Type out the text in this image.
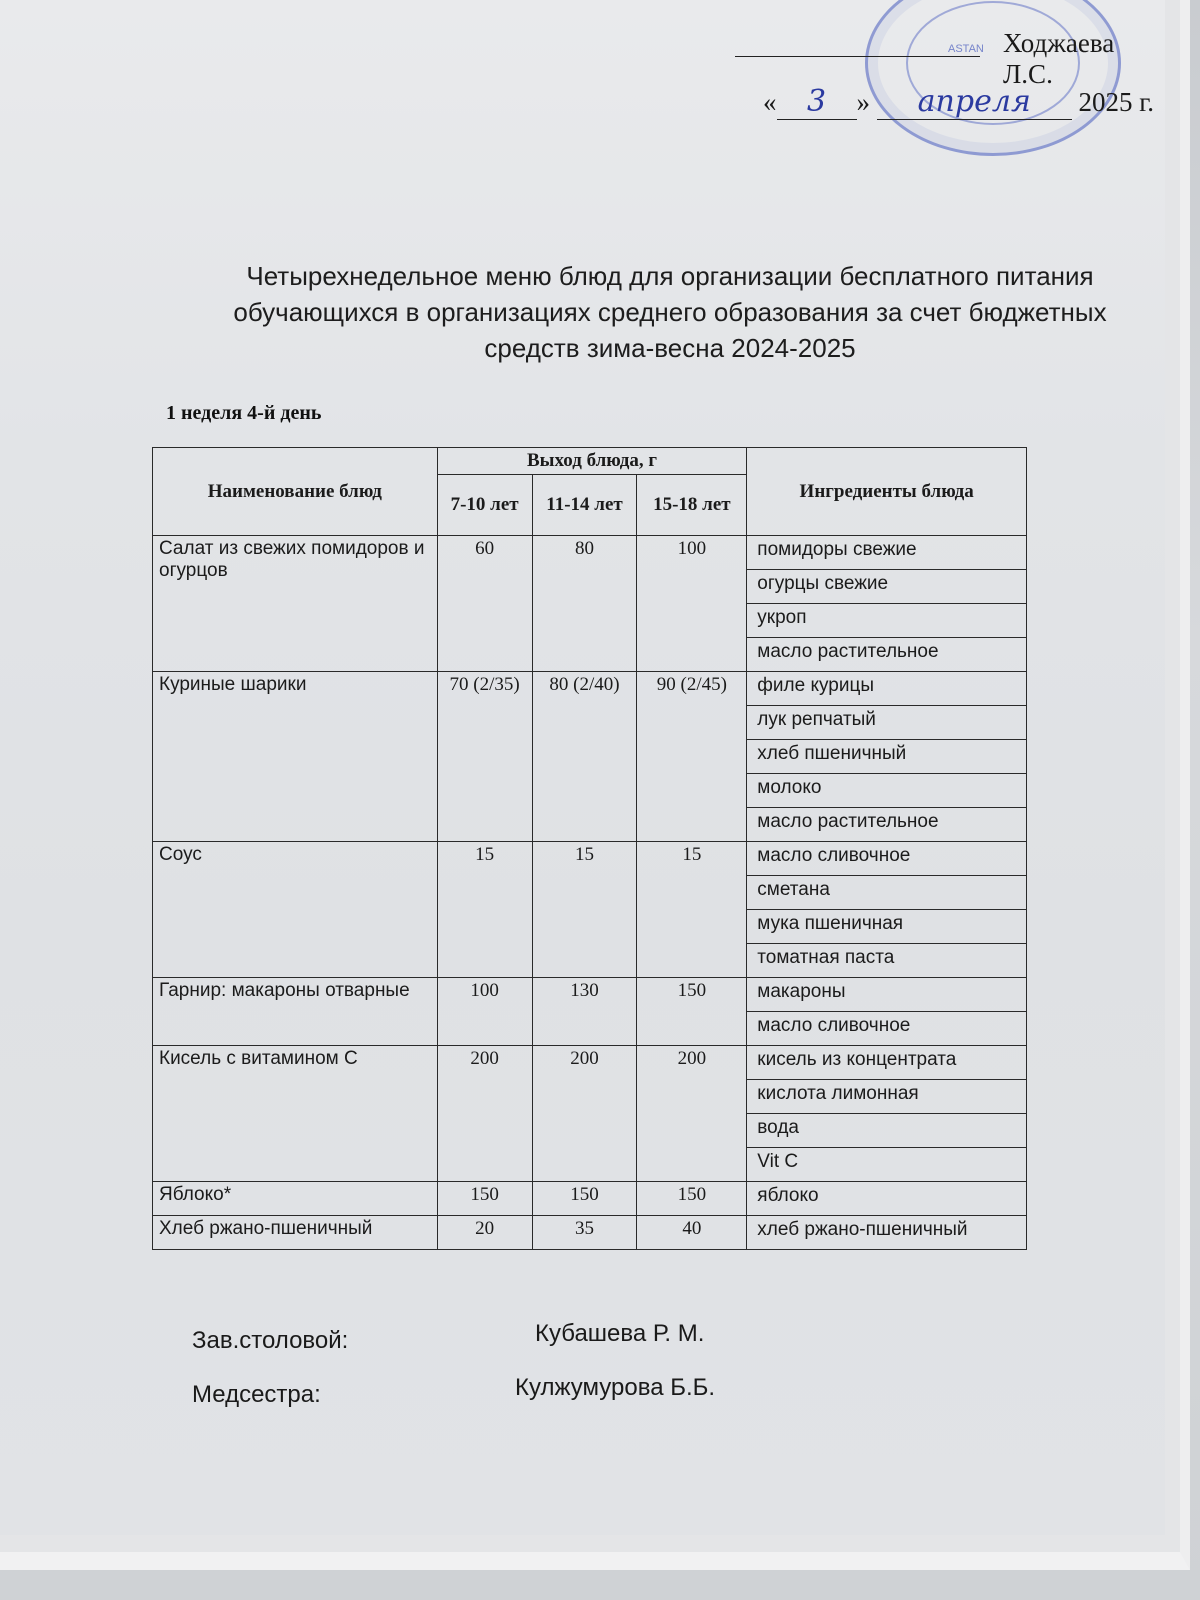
ASTAN Ходжаева Л.С.
« 3 » апреля 2025 г.
Четырехнедельное меню блюд для организации бесплатного питания
обучающихся в организациях среднего образования за счет бюджетных
средств зима-весна 2024-2025
1 неделя 4-й день
Наименование блюд	Выход блюда, г			Ингредиенты блюда
	7-10 лет	11-14 лет	15-18 лет	
Салат из свежих помидоров и огурцов	60	80	100	помидоры свежие
				огурцы свежие
				укроп
				масло растительное
Куриные шарики	70 (2/35)	80 (2/40)	90 (2/45)	филе курицы
				лук репчатый
				хлеб пшеничный
				молоко
				масло растительное
Соус	15	15	15	масло сливочное
				сметана
				мука пшеничная
				томатная паста
Гарнир: макароны отварные	100	130	150	макароны
				масло сливочное
Кисель с витамином С	200	200	200	кисель из концентрата
				кислота лимонная
				вода
				Vit C
Яблоко*	150	150	150	яблоко
Хлеб ржано-пшеничный	20	35	40	хлеб ржано-пшеничный
Зав.столовой:	Кубашева Р. М.
Медсестра:	Кулжумурова Б.Б.
